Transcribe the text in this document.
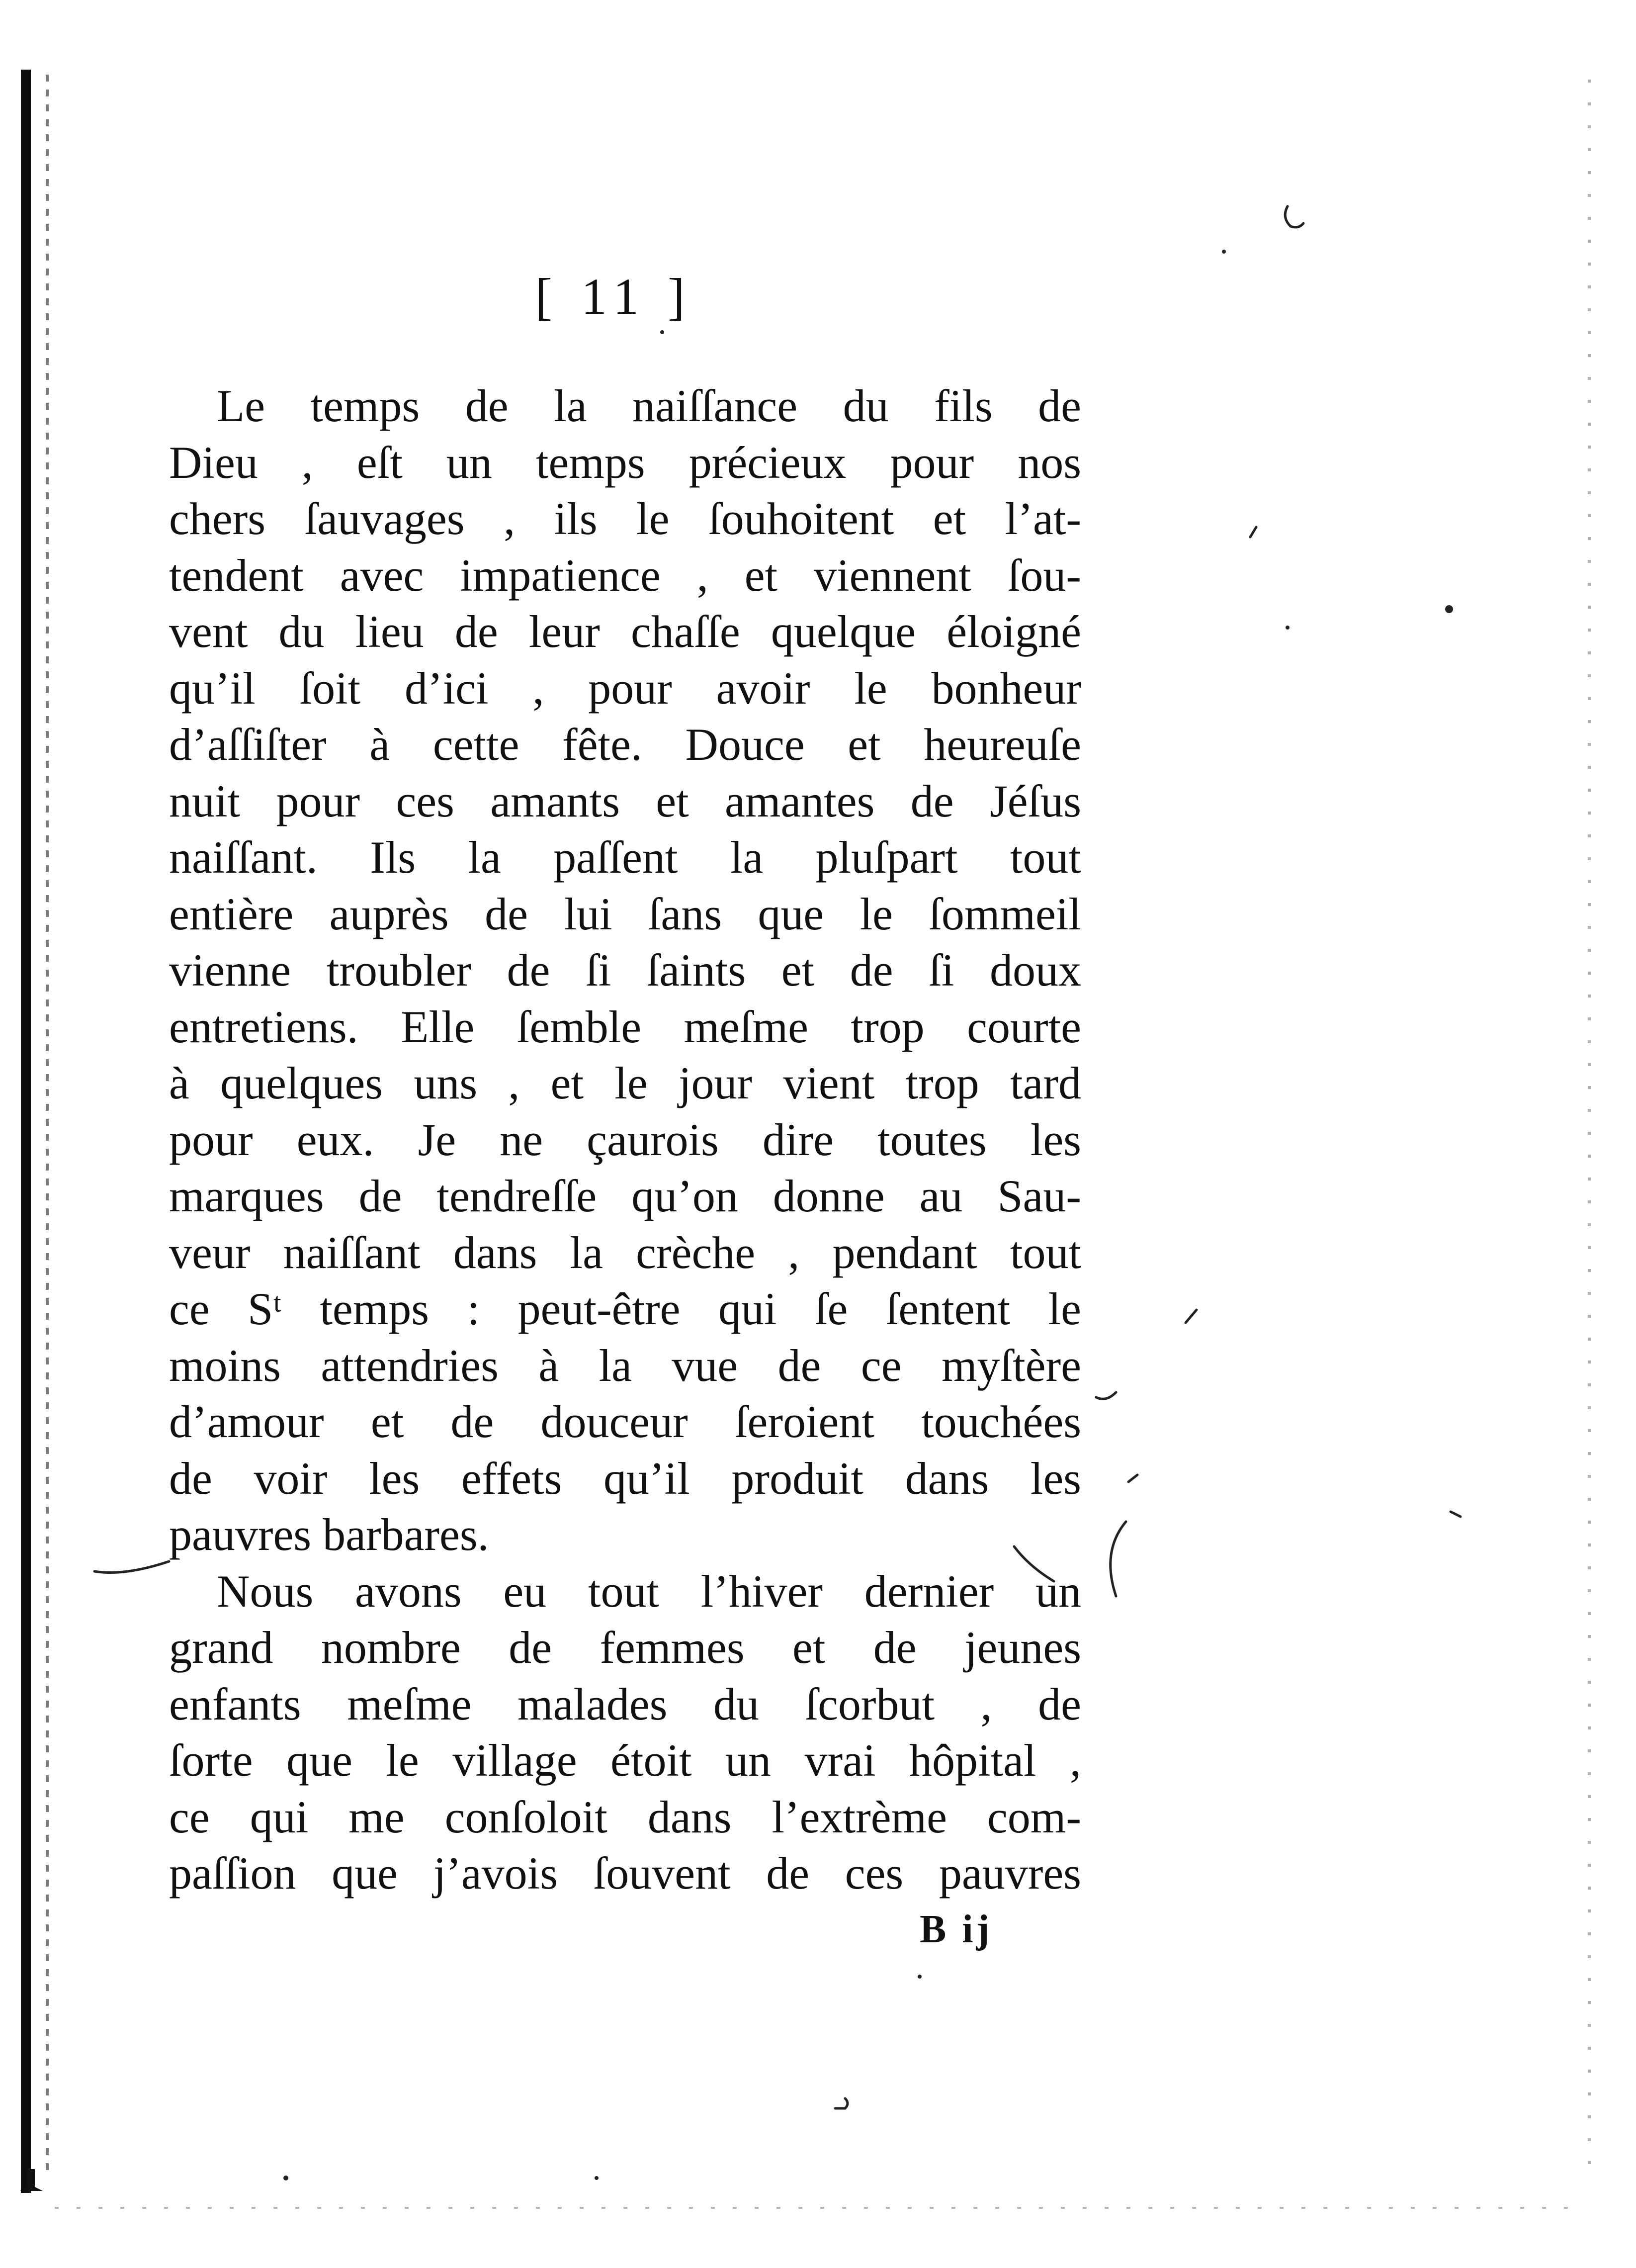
[ 11 ]
Le temps de la naiſſance du fils de
Dieu , eſt un temps précieux pour nos
chers ſauvages , ils le ſouhoitent et l’at-
tendent avec impatience , et viennent ſou-
vent du lieu de leur chaſſe quelque éloigné
qu’il ſoit d’ici , pour avoir le bonheur
d’aſſiſter à cette fête. Douce et heureuſe
nuit pour ces amants et amantes de Jéſus
naiſſant. Ils la paſſent la pluſpart tout
entière auprès de lui ſans que le ſommeil
vienne troubler de ſi ſaints et de ſi doux
entretiens. Elle ſemble meſme trop courte
à quelques uns , et le jour vient trop tard
pour eux. Je ne çaurois dire toutes les
marques de tendreſſe qu’on donne au Sau-
veur naiſſant dans la crèche , pendant tout
ce Sᵗ temps : peut-être qui ſe ſentent le
moins attendries à la vue de ce myſtère
d’amour et de douceur ſeroient touchées
de voir les effets qu’il produit dans les
pauvres barbares.
Nous avons eu tout l’hiver dernier un
grand nombre de femmes et de jeunes
enfants meſme malades du ſcorbut , de
ſorte que le village étoit un vrai hôpital ,
ce qui me conſoloit dans l’extrème com-
paſſion que j’avois ſouvent de ces pauvres
B ij
